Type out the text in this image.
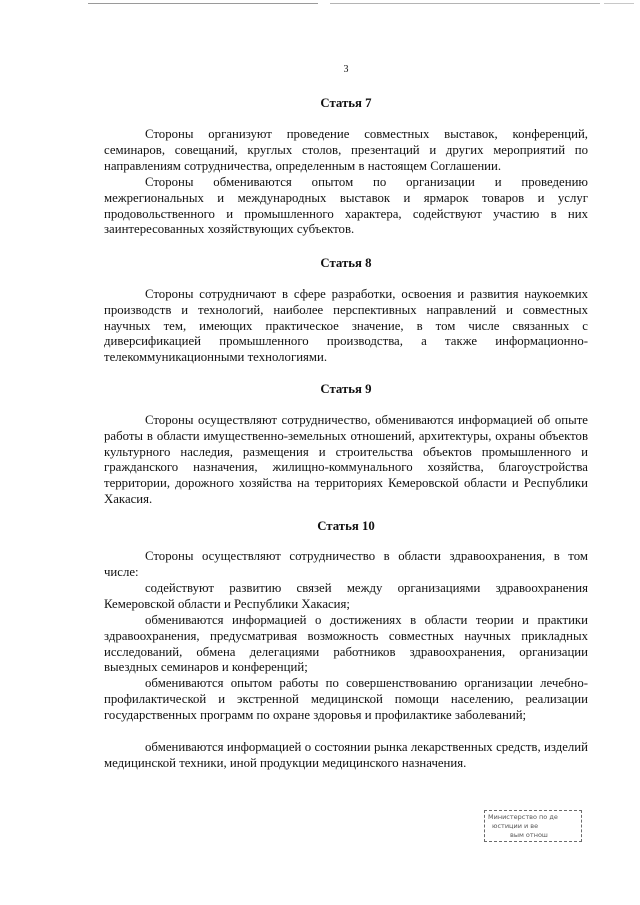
3
Статья 7

Стороны организуют проведение совместных выставок, конференций, семинаров, совещаний, круглых столов, презентаций и других мероприятий по направлениям сотрудничества, определенным в настоящем Соглашении.

Стороны обмениваются опытом по организации и проведению межрегиональных и международных выставок и ярмарок товаров и услуг продовольственного и промышленного характера, содействуют участию в них заинтересованных хозяйствующих субъектов.

Статья 8

Стороны сотрудничают в сфере разработки, освоения и развития наукоемких производств и технологий, наиболее перспективных направлений и совместных научных тем, имеющих практическое значение, в том числе связанных с диверсификацией промышленного производства, а также информационно-телекоммуникационными технологиями.

Статья 9

Стороны осуществляют сотрудничество, обмениваются информацией об опыте работы в области имущественно-земельных отношений, архитектуры, охраны объектов культурного наследия, размещения и строительства объектов промышленного и гражданского назначения, жилищно-коммунального хозяйства, благоустройства территории, дорожного хозяйства на территориях Кемеровской области и Республики Хакасия.

Статья 10

Стороны осуществляют сотрудничество в области здравоохранения, в том числе:

содействуют развитию связей между организациями здравоохранения Кемеровской области и Республики Хакасия;

обмениваются информацией о достижениях в области теории и практики здравоохранения, предусматривая возможность совместных научных прикладных исследований, обмена делегациями работников здравоохранения, организации выездных семинаров и конференций;

обмениваются опытом работы по совершенствованию организации лечебно-профилактической и экстренной медицинской помощи населению, реализации государственных программ по охране здоровья и профилактике заболеваний;

обмениваются информацией о состоянии рынка лекарственных средств, изделий медицинской техники, иной продукции медицинского назначения.

Министерство по де
юстиции и ве
вым отнош
